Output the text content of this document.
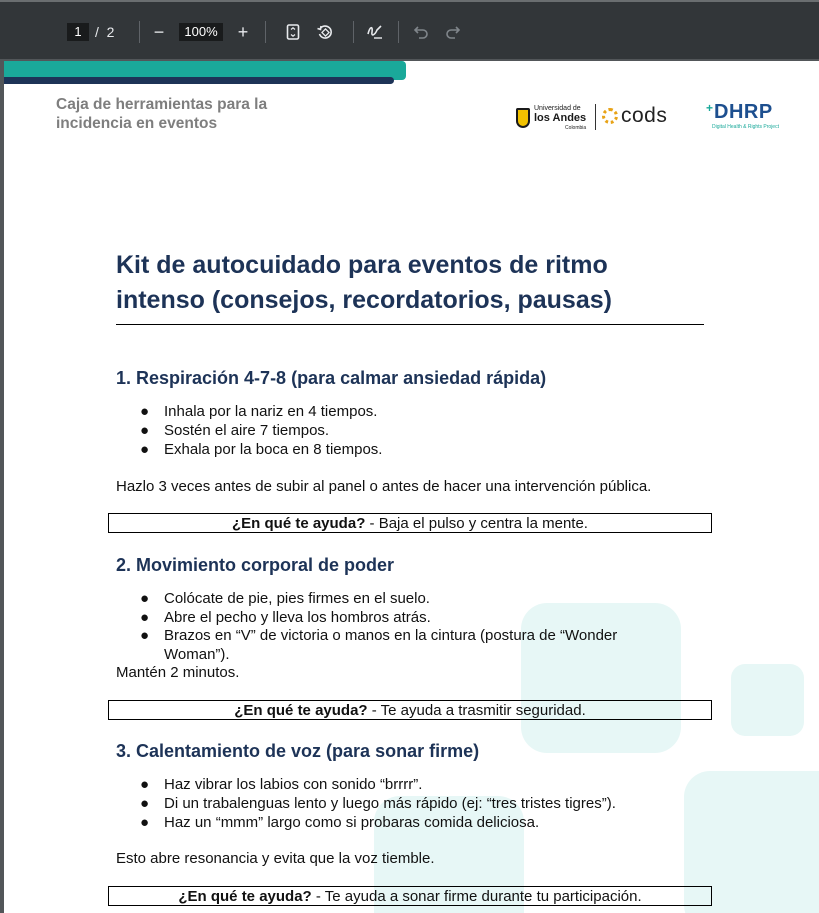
1 / 2	−	100%	+
Caja de herramientas para la
incidencia en eventos
Universidad de
los Andes
Colombia
cods	+ DHRP
Digital Health & Rights Project
Kit de autocuidado para eventos de ritmo
intenso (consejos, recordatorios, pausas)
1. Respiración 4-7-8 (para calmar ansiedad rápida)
● Inhala por la nariz en 4 tiempos.
● Sostén el aire 7 tiempos.
● Exhala por la boca en 8 tiempos.
Hazlo 3 veces antes de subir al panel o antes de hacer una intervención pública.
¿En qué te ayuda? - Baja el pulso y centra la mente.
2. Movimiento corporal de poder
● Colócate de pie, pies firmes en el suelo.
● Abre el pecho y lleva los hombros atrás.
● Brazos en “V” de victoria o manos en la cintura (postura de “Wonder Woman”).
Mantén 2 minutos.
¿En qué te ayuda? - Te ayuda a trasmitir seguridad.
3. Calentamiento de voz (para sonar firme)
● Haz vibrar los labios con sonido “brrrr”.
● Di un trabalenguas lento y luego más rápido (ej: “tres tristes tigres”).
● Haz un “mmm” largo como si probaras comida deliciosa.
Esto abre resonancia y evita que la voz tiemble.
¿En qué te ayuda? - Te ayuda a sonar firme durante tu participación.
